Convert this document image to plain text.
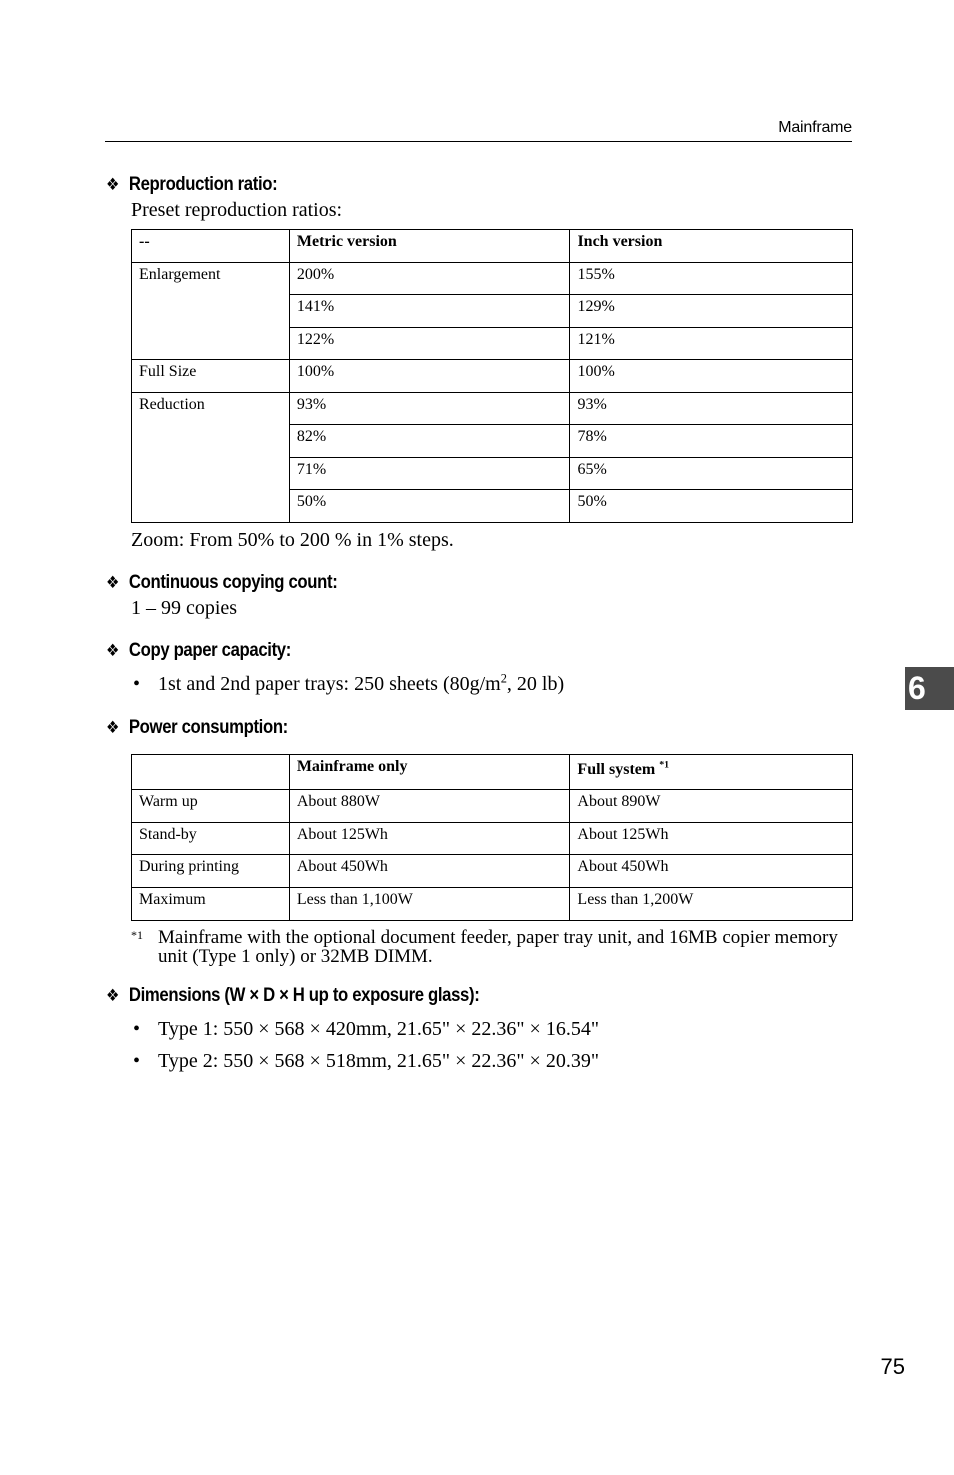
Mainframe
❖ Reproduction ratio:
Preset reproduction ratios:
--	Metric version	Inch version
Enlargement	200%	155%
	141%	129%
	122%	121%
Full Size	100%	100%
Reduction	93%	93%
	82%	78%
	71%	65%
	50%	50%
Zoom: From 50% to 200 % in 1% steps.
❖ Continuous copying count:
1 – 99 copies
❖ Copy paper capacity:
• 1st and 2nd paper trays: 250 sheets ($80g/m^2$, 20 lb)
❖ Power consumption:
	Mainframe only	Full system $^{*1}$
Warm up	About 880W	About 890W
Stand-by	About 125Wh	About 125Wh
During printing	About 450Wh	About 450Wh
Maximum	Less than 1,100W	Less than 1,200W
*1 Mainframe with the optional document feeder, paper tray unit, and 16MB copier memory unit (Type 1 only) or 32MB DIMM.
❖ Dimensions (W × D × H up to exposure glass):
• Type 1: 550 × 568 × 420mm, 21.65" × 22.36" × 16.54"
• Type 2: 550 × 568 × 518mm, 21.65" × 22.36" × 20.39"
6
75
